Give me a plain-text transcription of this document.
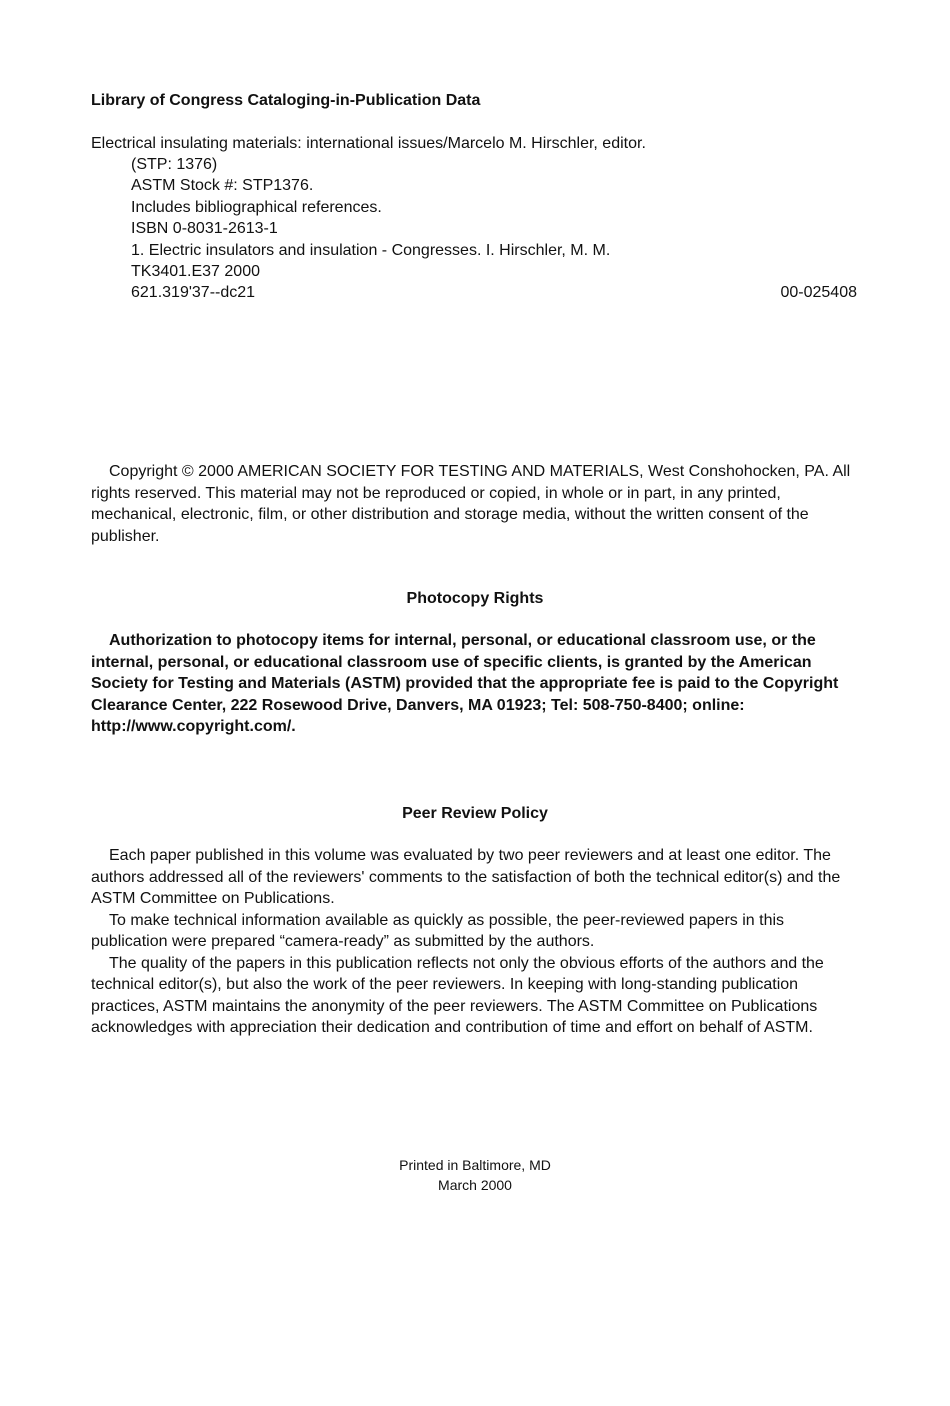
Library of Congress Cataloging-in-Publication Data
Electrical insulating materials: international issues/Marcelo M. Hirschler, editor.
(STP: 1376)
ASTM Stock #: STP1376.
Includes bibliographical references.
ISBN 0-8031-2613-1
1. Electric insulators and insulation - Congresses. I. Hirschler, M. M.
TK3401.E37 2000
621.319'37--dc21	00-025408

Copyright © 2000 AMERICAN SOCIETY FOR TESTING AND MATERIALS, West Conshohocken, PA. All rights reserved. This material may not be reproduced or copied, in whole or in part, in any printed, mechanical, electronic, film, or other distribution and storage media, without the written consent of the publisher.

Photocopy Rights

Authorization to photocopy items for internal, personal, or educational classroom use, or the internal, personal, or educational classroom use of specific clients, is granted by the American Society for Testing and Materials (ASTM) provided that the appropriate fee is paid to the Copyright Clearance Center, 222 Rosewood Drive, Danvers, MA 01923; Tel: 508-750-8400; online: http://www.copyright.com/.

Peer Review Policy

Each paper published in this volume was evaluated by two peer reviewers and at least one editor. The authors addressed all of the reviewers' comments to the satisfaction of both the technical editor(s) and the ASTM Committee on Publications.

To make technical information available as quickly as possible, the peer-reviewed papers in this publication were prepared “camera-ready” as submitted by the authors.

The quality of the papers in this publication reflects not only the obvious efforts of the authors and the technical editor(s), but also the work of the peer reviewers. In keeping with long-standing publication practices, ASTM maintains the anonymity of the peer reviewers. The ASTM Committee on Publications acknowledges with appreciation their dedication and contribution of time and effort on behalf of ASTM.

Printed in Baltimore, MD
March 2000
